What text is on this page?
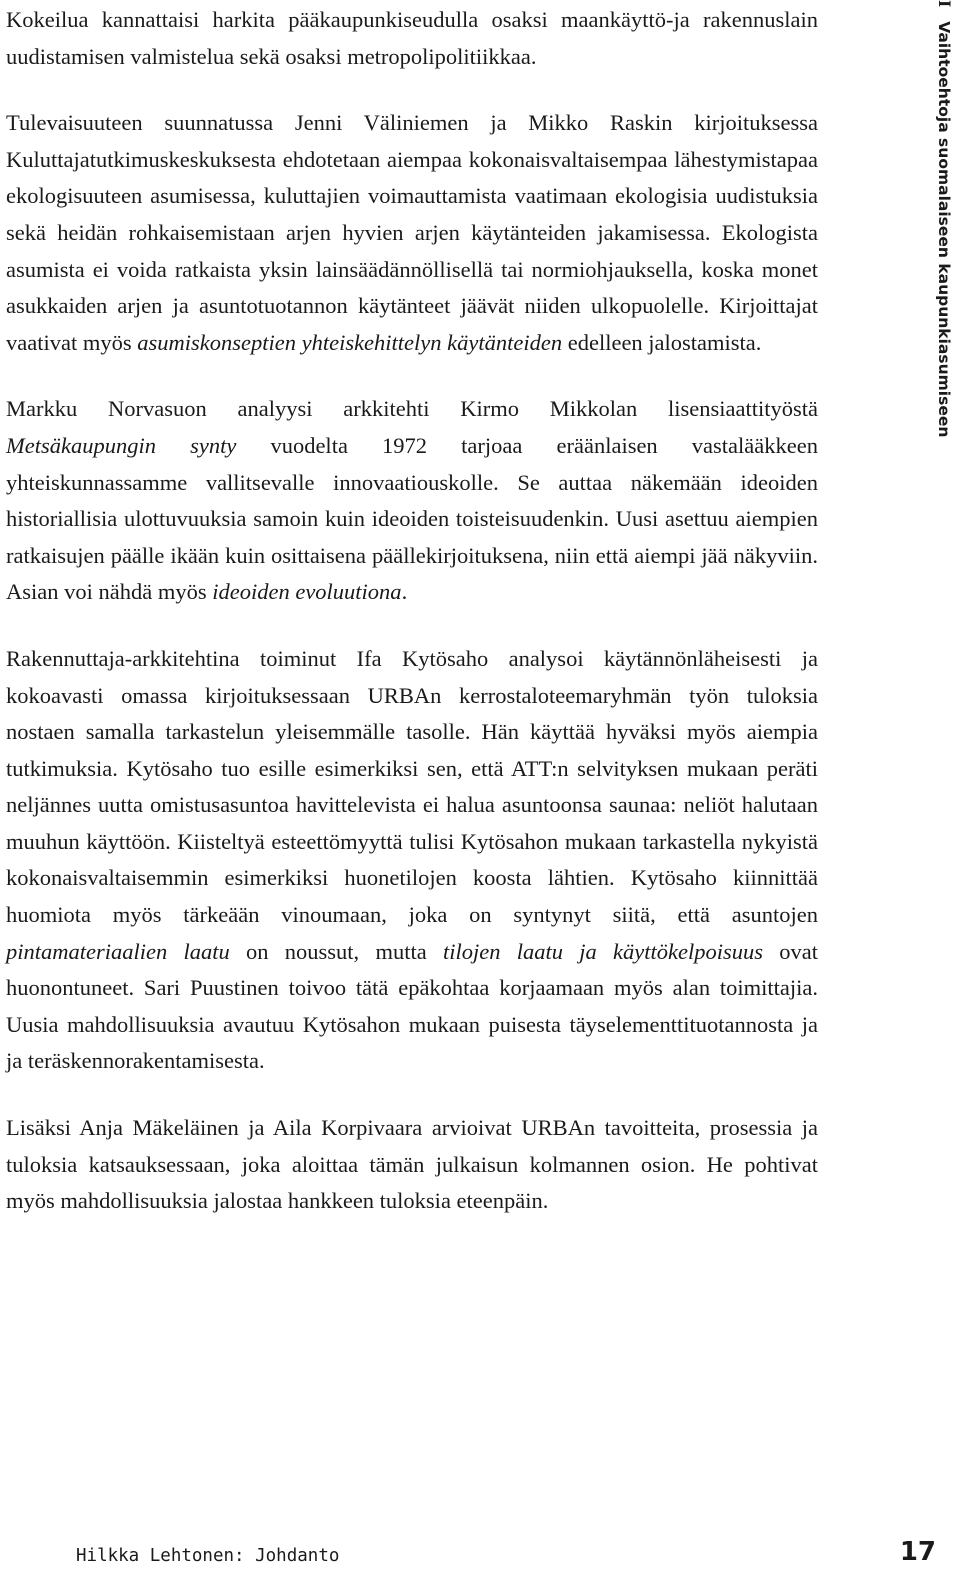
IVaihtoehtoja suomalaiseen kaupunkiasumiseen

Kokeilua kannattaisi harkita pääkaupunkiseudulla osaksi maankäyttö-ja rakennuslain uudistamisen valmistelua sekä osaksi metropolipolitiikkaa.

Tulevaisuuteen suunnatussa Jenni Väliniemen ja Mikko Raskin kirjoituksessa Kuluttajatutkimuskeskuksesta ehdotetaan aiempaa kokonaisvaltaisempaa lähestymistapaa ekologisuuteen asumisessa, kuluttajien voimauttamista vaatimaan ekologisia uudistuksia sekä heidän rohkaisemistaan arjen hyvien arjen käytänteiden jakamisessa. Ekologista asumista ei voida ratkaista yksin lainsäädännöllisellä tai normiohjauksella, koska monet asukkaiden arjen ja asuntotuotannon käytänteet jäävät niiden ulkopuolelle. Kirjoittajat vaativat myös asumiskonseptien yhteiskehittelyn käytänteiden edelleen jalostamista.

Markku Norvasuon analyysi arkkitehti Kirmo Mikkolan lisensiaattityöstä Metsäkaupungin synty vuodelta 1972 tarjoaa eräänlaisen vastalääkkeen yhteiskunnassamme vallitsevalle innovaatiouskolle. Se auttaa näkemään ideoiden historiallisia ulottuvuuksia samoin kuin ideoiden toisteisuudenkin. Uusi asettuu aiempien ratkaisujen päälle ikään kuin osittaisena päällekirjoituksena, niin että aiempi jää näkyviin. Asian voi nähdä myös ideoiden evoluutiona.

Rakennuttaja-arkkitehtina toiminut Ifa Kytösaho analysoi käytännönläheisesti ja kokoavasti omassa kirjoituksessaan URBAn kerrostaloteemaryhmän työn tuloksia nostaen samalla tarkastelun yleisemmälle tasolle. Hän käyttää hyväksi myös aiempia tutkimuksia. Kytösaho tuo esille esimerkiksi sen, että ATT:n selvityksen mukaan peräti neljännes uutta omistusasuntoa havittelevista ei halua asuntoonsa saunaa: neliöt halutaan muuhun käyttöön. Kiisteltyä esteettömyyttä tulisi Kytösahon mukaan tarkastella nykyistä kokonaisvaltaisemmin esimerkiksi huonetilojen koosta lähtien. Kytösaho kiinnittää huomiota myös tärkeään vinoumaan, joka on syntynyt siitä, että asuntojen pintamateriaalien laatu on noussut, mutta tilojen laatu ja käyttökelpoisuus ovat huonontuneet. Sari Puustinen toivoo tätä epäkohtaa korjaamaan myös alan toimittajia. Uusia mahdollisuuksia avautuu Kytösahon mukaan puisesta täyselementtituotannosta ja ja teräskennorakentamisesta.

Lisäksi Anja Mäkeläinen ja Aila Korpivaara arvioivat URBAn tavoitteita, prosessia ja tuloksia katsauksessaan, joka aloittaa tämän julkaisun kolmannen osion. He pohtivat myös mahdollisuuksia jalostaa hankkeen tuloksia eteenpäin.

Hilkka Lehtonen: Johdanto	17
